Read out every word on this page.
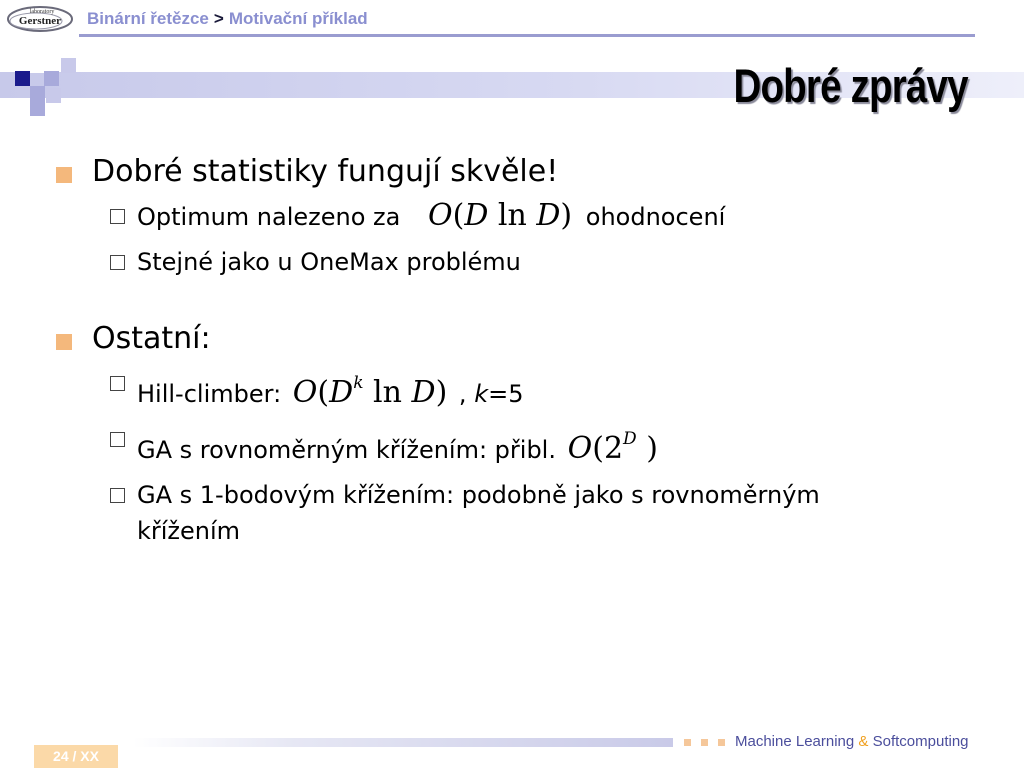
laboratory
Gerstner Binární řetězce > Motivační příklad
Dobré zprávy
Dobré statistiky fungují skvěle!
Optimum nalezeno za O(D ln D) ohodnocení
Stejné jako u OneMax problému
Ostatní:
Hill-climber: $O(D^k$ ln D) , k=5
GA s rovnoměrným křížením: přibl. $O(2^D$ )
GA s 1-bodovým křížením: podobně jako s rovnoměrným křížením
24 / XX
Machine Learning & Softcomputing
